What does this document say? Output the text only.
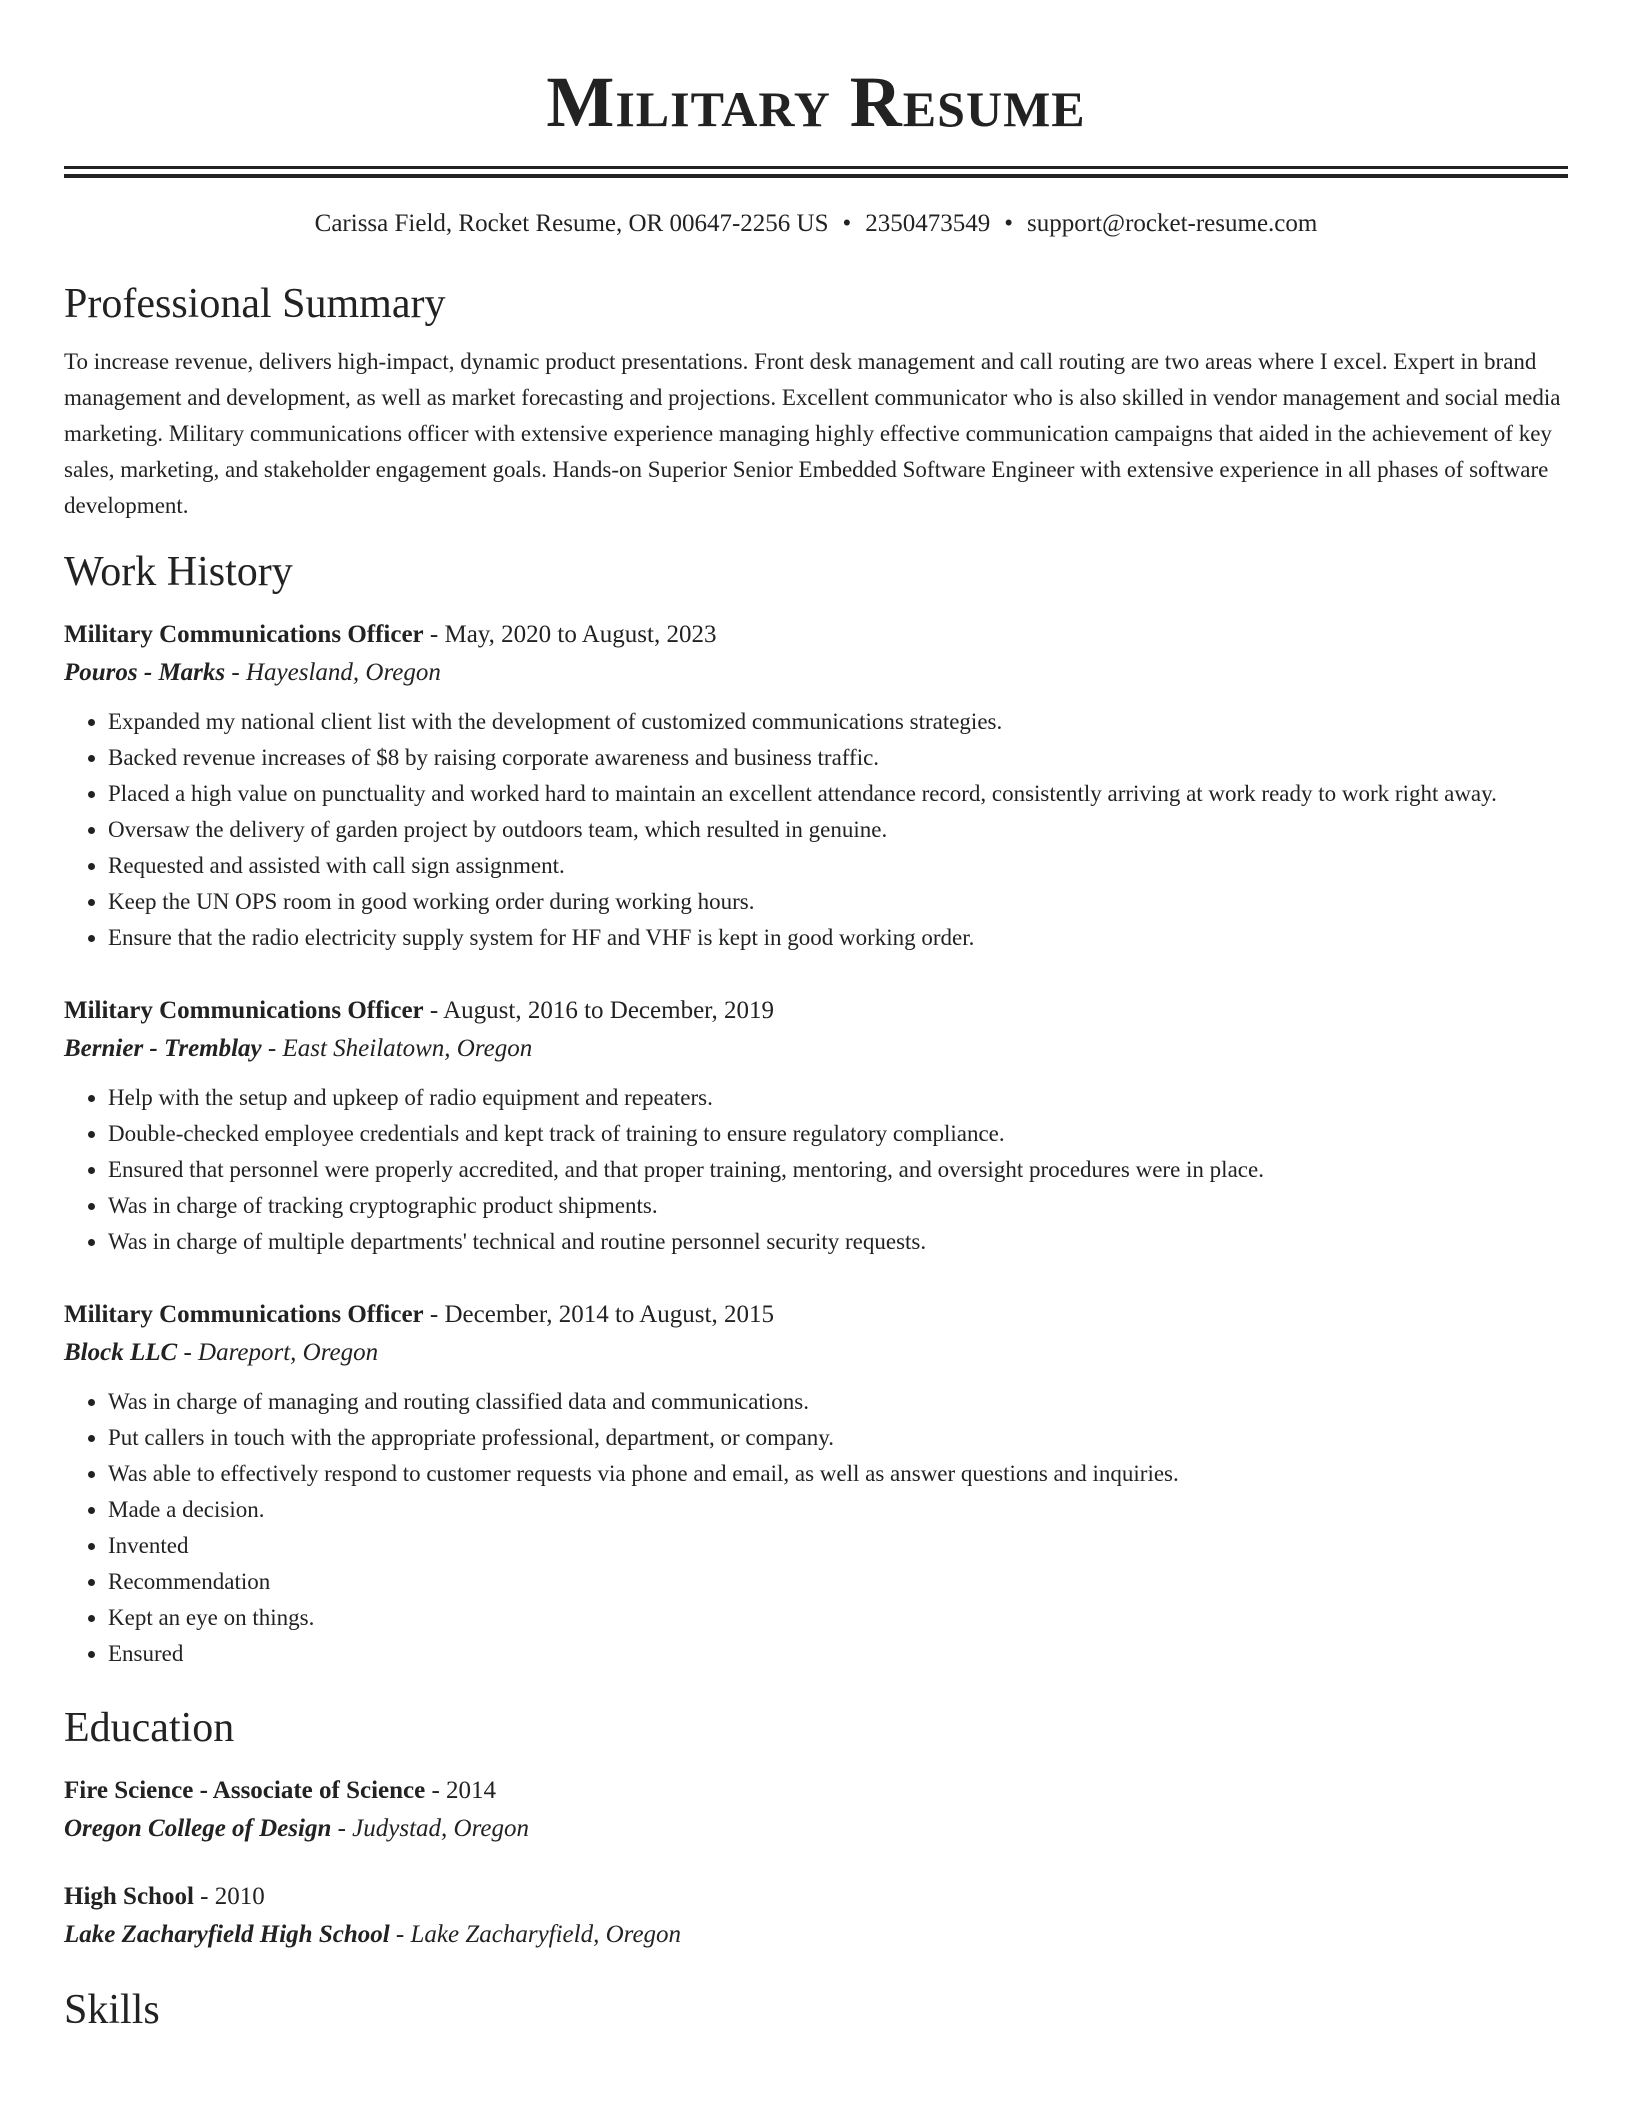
Military Resume
Carissa Field, Rocket Resume, OR 00647-2256 US • 2350473549 • support@rocket-resume.com
Professional Summary

To increase revenue, delivers high-impact, dynamic product presentations. Front desk management and call routing are two areas where I excel. Expert in brand management and development, as well as market forecasting and projections. Excellent communicator who is also skilled in vendor management and social media marketing. Military communications officer with extensive experience managing highly effective communication campaigns that aided in the achievement of key sales, marketing, and stakeholder engagement goals. Hands-on Superior Senior Embedded Software Engineer with extensive experience in all phases of software development.

Work History
Military Communications Officer - May, 2020 to August, 2023
Pouros - Marks - Hayesland, Oregon
• Expanded my national client list with the development of customized communications strategies.
• Backed revenue increases of $8 by raising corporate awareness and business traffic.
• Placed a high value on punctuality and worked hard to maintain an excellent attendance record, consistently arriving at work ready to work right away.
• Oversaw the delivery of garden project by outdoors team, which resulted in genuine.
• Requested and assisted with call sign assignment.
• Keep the UN OPS room in good working order during working hours.
• Ensure that the radio electricity supply system for HF and VHF is kept in good working order.
Military Communications Officer - August, 2016 to December, 2019
Bernier - Tremblay - East Sheilatown, Oregon
• Help with the setup and upkeep of radio equipment and repeaters.
• Double-checked employee credentials and kept track of training to ensure regulatory compliance.
• Ensured that personnel were properly accredited, and that proper training, mentoring, and oversight procedures were in place.
• Was in charge of tracking cryptographic product shipments.
• Was in charge of multiple departments' technical and routine personnel security requests.
Military Communications Officer - December, 2014 to August, 2015
Block LLC - Dareport, Oregon
• Was in charge of managing and routing classified data and communications.
• Put callers in touch with the appropriate professional, department, or company.
• Was able to effectively respond to customer requests via phone and email, as well as answer questions and inquiries.
• Made a decision.
• Invented
• Recommendation
• Kept an eye on things.
• Ensured
Education
Fire Science - Associate of Science - 2014
Oregon College of Design - Judystad, Oregon
High School - 2010
Lake Zacharyfield High School - Lake Zacharyfield, Oregon
Skills
